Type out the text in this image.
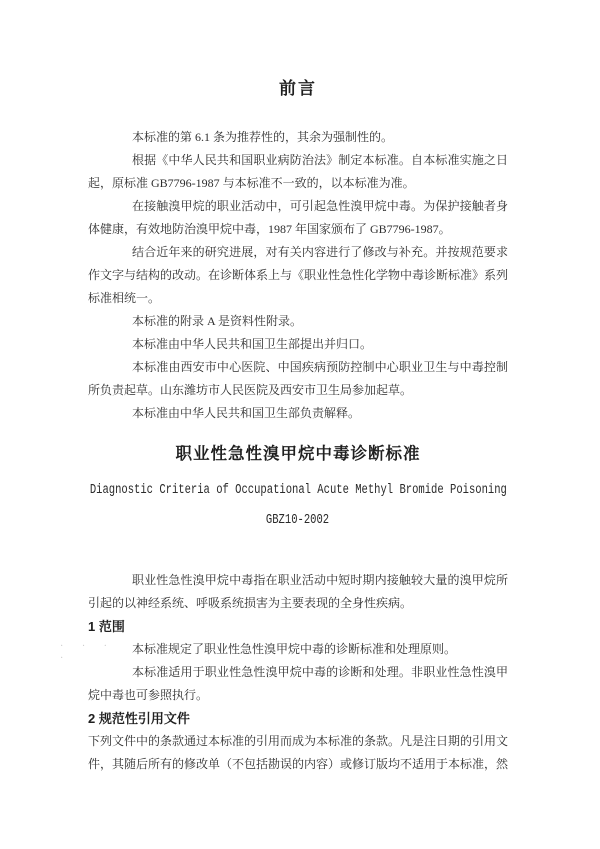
· · · ·
前言
本标准的第 6.1 条为推荐性的，其余为强制性的。
根据《中华人民共和国职业病防治法》制定本标准。自本标准实施之日
起，原标准 GB7796-1987 与本标准不一致的，以本标准为准。
在接触溴甲烷的职业活动中，可引起急性溴甲烷中毒。为保护接触者身
体健康，有效地防治溴甲烷中毒，1987 年国家颁布了 GB7796-1987。
结合近年来的研究进展，对有关内容进行了修改与补充。并按规范要求
作文字与结构的改动。在诊断体系上与《职业性急性化学物中毒诊断标准》系列
标准相统一。
本标准的附录 A 是资料性附录。
本标准由中华人民共和国卫生部提出并归口。
本标准由西安市中心医院、中国疾病预防控制中心职业卫生与中毒控制
所负责起草。山东潍坊市人民医院及西安市卫生局参加起草。
本标准由中华人民共和国卫生部负责解释。
职业性急性溴甲烷中毒诊断标准
Diagnostic Criteria of Occupational Acute Methyl Bromide Poisoning
GBZ10-2002
职业性急性溴甲烷中毒指在职业活动中短时期内接触较大量的溴甲烷所
引起的以神经系统、呼吸系统损害为主要表现的全身性疾病。
1 范围
本标准规定了职业性急性溴甲烷中毒的诊断标准和处理原则。
本标准适用于职业性急性溴甲烷中毒的诊断和处理。非职业性急性溴甲
烷中毒也可参照执行。
2 规范性引用文件
下列文件中的条款通过本标准的引用而成为本标准的条款。凡是注日期的引用文
件，其随后所有的修改单（不包括勘误的内容）或修订版均不适用于本标准，然
